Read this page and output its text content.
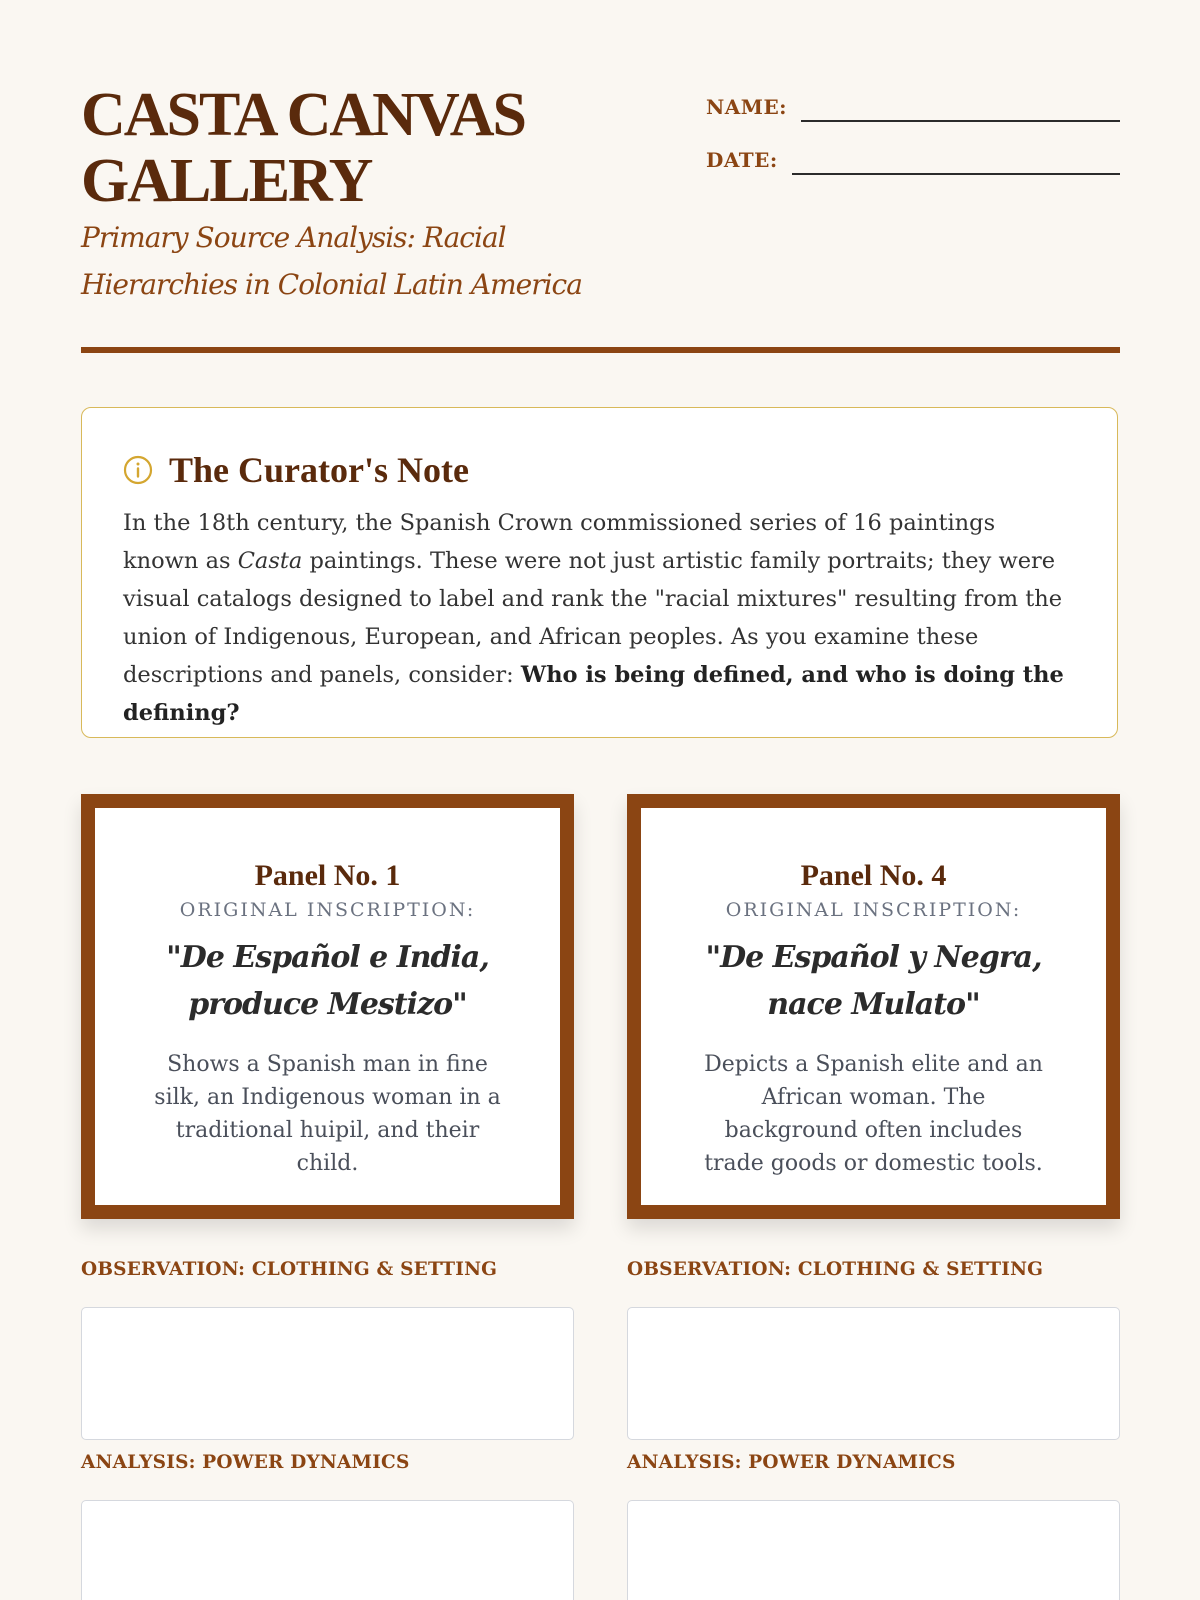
CASTA CANVAS GALLERY

Primary Source Analysis: Racial Hierarchies in Colonial Latin America

NAME:
DATE:
The Curator's Note

In the 18th century, the Spanish Crown commissioned series of 16 paintings known as Casta paintings. These were not just artistic family portraits; they were visual catalogs designed to label and rank the "racial mixtures" resulting from the union of Indigenous, European, and African peoples. As you examine these descriptions and panels, consider: Who is being defined, and who is doing the defining?

Panel No. 1
ORIGINAL INSCRIPTION:

"De Español e India, produce Mestizo"

Shows a Spanish man in fine silk, an Indigenous woman in a traditional huipil, and their child.

Panel No. 4
ORIGINAL INSCRIPTION:

"De Español y Negra, nace Mulato"

Depicts a Spanish elite and an African woman. The background often includes trade goods or domestic tools.

OBSERVATION: CLOTHING & SETTING	OBSERVATION: CLOTHING & SETTING
ANALYSIS: POWER DYNAMICS	ANALYSIS: POWER DYNAMICS
